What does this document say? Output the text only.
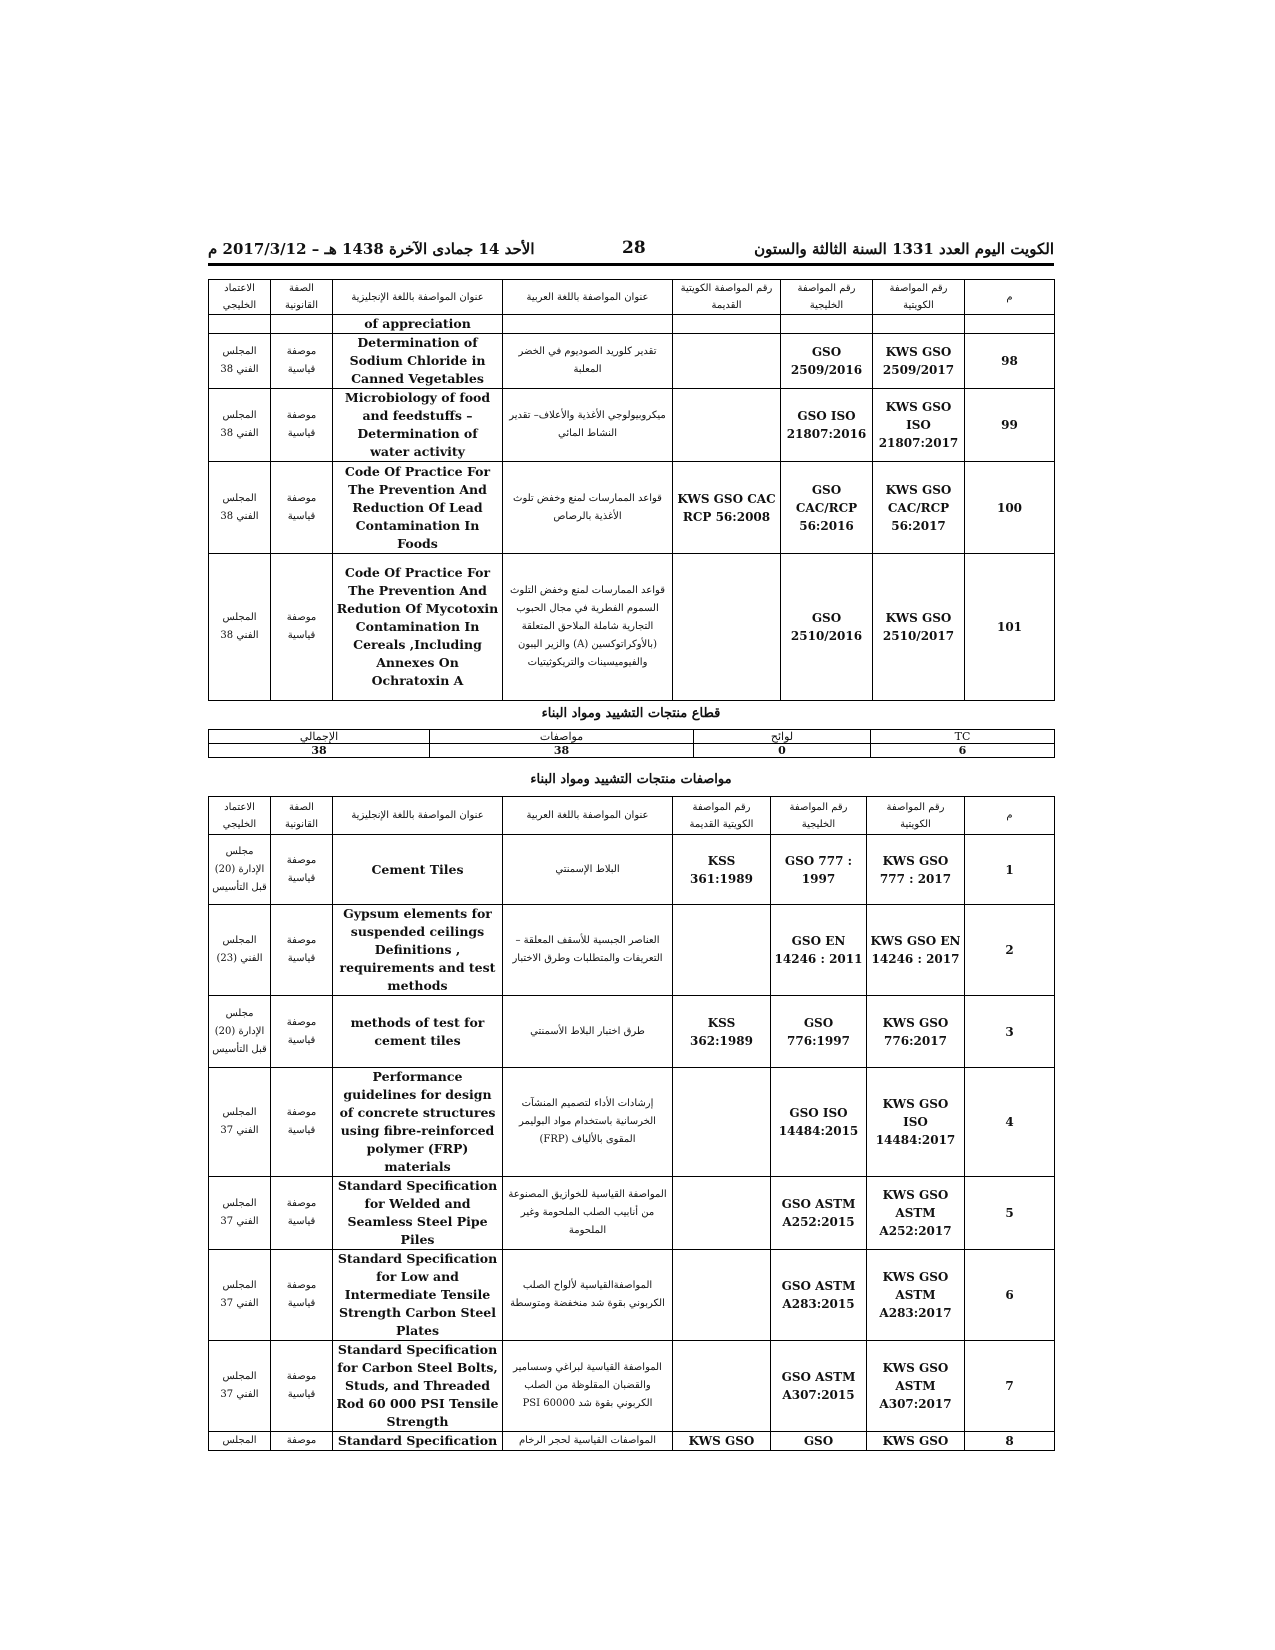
الأحد 14 جمادى الآخرة 1438 هـ – 2017/3/12 م	28	الكويت اليوم العدد 1331 السنة الثالثة والستون
الاعتماد الخليجي	الصفة القانونية	عنوان المواصفة باللغة الإنجليزية	عنوان المواصفة باللغة العربية	رقم المواصفة الكويتية القديمة	رقم المواصفة الخليجية	رقم المواصفة الكويتية	م
		of appreciation					
المجلس الفني 38	موصفة قياسية	Determination of Sodium Chloride in Canned Vegetables	تقدير كلوريد الصوديوم في الخضر المعلبة		GSO 2509/2016	KWS GSO 2509/2017	98
المجلس الفني 38	موصفة قياسية	Microbiology of food and feedstuffs – Determination of water activity	ميكروبيولوجي الأغذية والأعلاف– تقدير النشاط المائي		GSO ISO 21807:2016	KWS GSO ISO 21807:2017	99
المجلس الفني 38	موصفة قياسية	Code Of Practice For The Prevention And Reduction Of Lead Contamination In Foods	قواعد الممارسات لمنع وخفض تلوث الأغذية بالرصاص	KWS GSO CAC RCP 56:2008	GSO CAC/RCP 56:2016	KWS GSO CAC/RCP 56:2017	100
المجلس الفني 38	موصفة قياسية	Code Of Practice For The Prevention And Redution Of Mycotoxin Contamination In Cereals ,Including Annexes On Ochratoxin A	قواعد الممارسات لمنع وخفض التلوث السموم الفطرية في مجال الحبوب التجارية شاملة الملاحق المتعلقة (بالأوكراتوكسين (A) والزير اليبون والفيوميسينات والتريكوثيتيات		GSO 2510/2016	KWS GSO 2510/2017	101
قطاع منتجات التشييد ومواد البناء
الإجمالي	مواصفات	لوائح	TC
38	38	0	6
مواصفات منتجات التشييد ومواد البناء
الاعتماد الخليجي	الصفة القانونية	عنوان المواصفة باللغة الإنجليزية	عنوان المواصفة باللغة العربية	رقم المواصفة الكويتية القديمة	رقم المواصفة الخليجية	رقم المواصفة الكويتية	م
مجلس الإدارة (20) قبل التأسيس	موصفة قياسية	Cement Tiles	البلاط الإسمنتي	KSS 361:1989	GSO 777 : 1997	KWS GSO 777 : 2017	1
المجلس الفني (23)	موصفة قياسية	Gypsum elements for suspended ceilings Definitions , requirements and test methods	العناصر الجبسية للأسقف المعلقة – التعريفات والمتطلبات وطرق الاختبار		GSO EN 14246 : 2011	KWS GSO EN 14246 : 2017	2
مجلس الإدارة (20) قبل التأسيس	موصفة قياسية	methods of test for cement tiles	طرق اختبار البلاط الأسمنتي	KSS 362:1989	GSO 776:1997	KWS GSO 776:2017	3
المجلس الفني 37	موصفة قياسية	Performance guidelines for design of concrete structures using fibre-reinforced polymer (FRP) materials	إرشادات الأداء لتصميم المنشآت الخرسانية باستخدام مواد البوليمر المقوى بالألياف (FRP)		GSO ISO 14484:2015	KWS GSO ISO 14484:2017	4
المجلس الفني 37	موصفة قياسية	Standard Specification for Welded and Seamless Steel Pipe Piles	المواصفة القياسية للخوازيق المصنوعة من أنابيب الصلب الملحومة وغير الملحومة		GSO ASTM A252:2015	KWS GSO ASTM A252:2017	5
المجلس الفني 37	موصفة قياسية	Standard Specification for Low and Intermediate Tensile Strength Carbon Steel Plates	المواصفةالقياسية لألواح الصلب الكربوني بقوة شد منخفضة ومتوسطة		GSO ASTM A283:2015	KWS GSO ASTM A283:2017	6
المجلس الفني 37	موصفة قياسية	Standard Specification for Carbon Steel Bolts, Studs, and Threaded Rod 60 000 PSI Tensile Strength	المواصفة القياسية لبراغي وسسامير والقضبان المقلوظة من الصلب الكربوني بقوة شد PSI 60000		GSO ASTM A307:2015	KWS GSO ASTM A307:2017	7
المجلس	موصفة	Standard Specification	المواصفات القياسية لحجر الرخام	KWS GSO	GSO	KWS GSO	8
